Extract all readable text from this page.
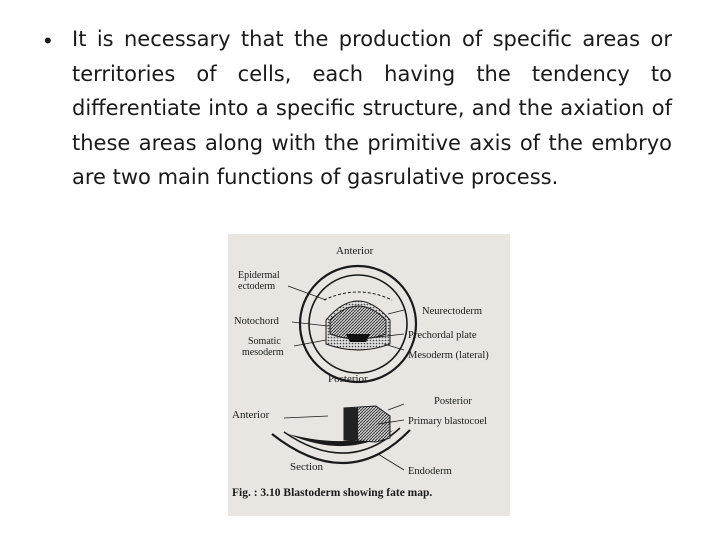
• It is necessary that the production of specific areas or territories of cells, each having the tendency to differentiate into a specific structure, and the axiation of these areas along with the primitive axis of the embryo are two main functions of gasrulative process.
Anterior
Epidermal
ectoderm
Notochord
Somatic
mesoderm
Posterior
Neurectoderm
Prechordal plate
Mesoderm (lateral)
Anterior
Posterior
Primary blastocoel
Section	Endoderm
Fig. : 3.10 Blastoderm showing fate map.
